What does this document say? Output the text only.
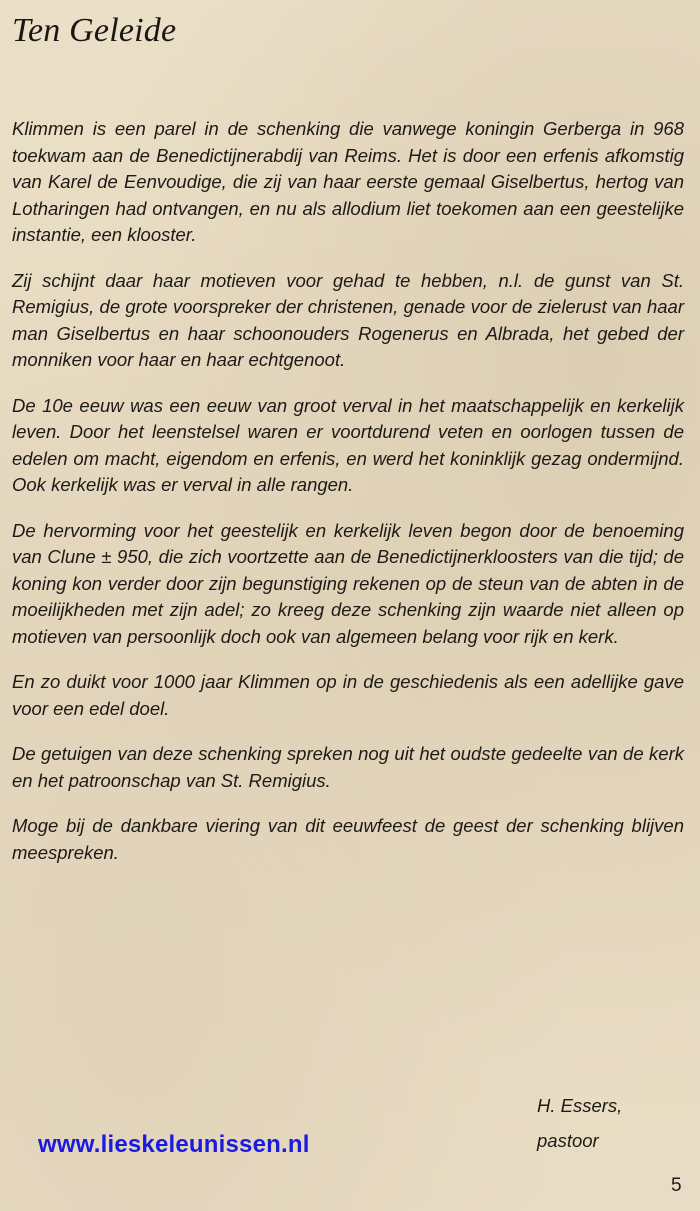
Ten Geleide

Klimmen is een parel in de schenking die vanwege koningin Gerberga in 968 toekwam aan de Benedictijnerabdij van Reims. Het is door een erfenis afkomstig van Karel de Eenvoudige, die zij van haar eerste gemaal Giselbertus, hertog van Lotharingen had ontvangen, en nu als allodium liet toekomen aan een geestelijke instantie, een klooster.

Zij schijnt daar haar motieven voor gehad te hebben, n.l. de gunst van St. Remigius, de grote voorspreker der christenen, genade voor de zielerust van haar man Giselbertus en haar schoonouders Rogenerus en Albrada, het gebed der monniken voor haar en haar echtgenoot.

De 10e eeuw was een eeuw van groot verval in het maatschappelijk en kerkelijk leven. Door het leenstelsel waren er voortdurend veten en oorlogen tussen de edelen om macht, eigendom en erfenis, en werd het koninklijk gezag ondermijnd. Ook kerkelijk was er verval in alle rangen.

De hervorming voor het geestelijk en kerkelijk leven begon door de benoeming van Clune ± 950, die zich voortzette aan de Benedictijnerkloosters van die tijd; de koning kon verder door zijn begunstiging rekenen op de steun van de abten in de moeilijkheden met zijn adel; zo kreeg deze schenking zijn waarde niet alleen op motieven van persoonlijk doch ook van algemeen belang voor rijk en kerk.

En zo duikt voor 1000 jaar Klimmen op in de geschiedenis als een adellijke gave voor een edel doel.

De getuigen van deze schenking spreken nog uit het oudste gedeelte van de kerk en het patroonschap van St. Remigius.

Moge bij de dankbare viering van dit eeuwfeest de geest der schenking blijven meespreken.

H. Essers,
pastoor
www.lieskeleunissen.nl
5
